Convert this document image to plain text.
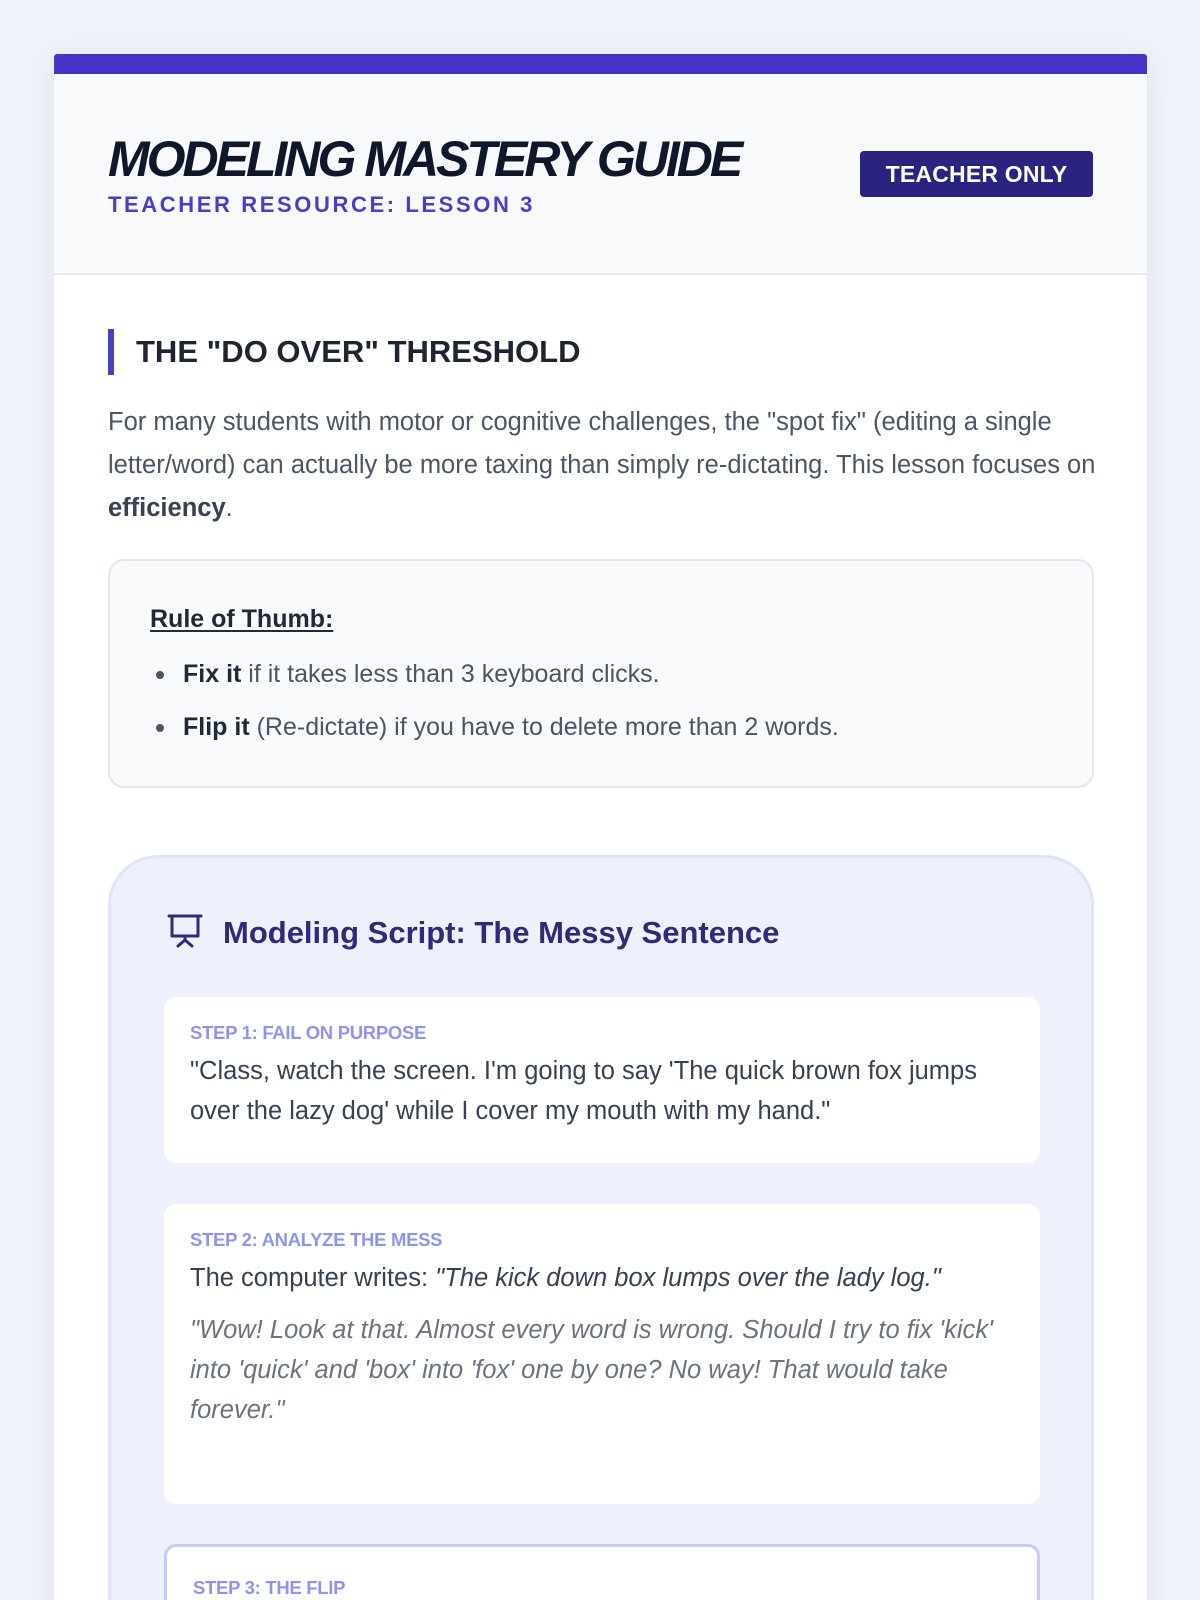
MODELING MASTERY GUIDE
TEACHER RESOURCE: LESSON 3
TEACHER ONLY
THE "DO OVER" THRESHOLD

For many students with motor or cognitive challenges, the "spot fix" (editing a single letter/word) can actually be more taxing than simply re-dictating. This lesson focuses on efficiency.

Rule of Thumb:
Fix it if it takes less than 3 keyboard clicks.
Flip it (Re-dictate) if you have to delete more than 2 words.
Modeling Script: The Messy Sentence
STEP 1: FAIL ON PURPOSE
"Class, watch the screen. I'm going to say 'The quick brown fox jumps over the lazy dog' while I cover my mouth with my hand."
STEP 2: ANALYZE THE MESS
The computer writes: "The kick down box lumps over the lady log."
"Wow! Look at that. Almost every word is wrong. Should I try to fix 'kick' into 'quick' and 'box' into 'fox' one by one? No way! That would take forever."
STEP 3: THE FLIP
